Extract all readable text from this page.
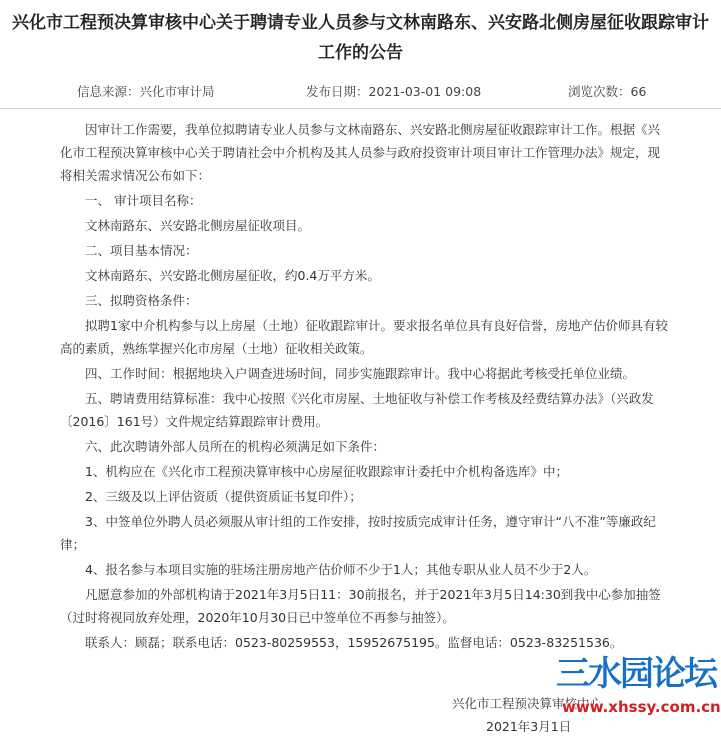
兴化市工程预决算审核中心关于聘请专业人员参与文林南路东、兴安路北侧房屋征收跟踪审计工作的公告
信息来源：兴化市审计局	发布日期：2021-03-01 09:08	浏览次数：66

因审计工作需要，我单位拟聘请专业人员参与文林南路东、兴安路北侧房屋征收跟踪审计工作。根据《兴化市工程预决算审核中心关于聘请社会中介机构及其人员参与政府投资审计项目审计工作管理办法》规定，现将相关需求情况公布如下：

一、 审计项目名称：

文林南路东、兴安路北侧房屋征收项目。

二、项目基本情况：

文林南路东、兴安路北侧房屋征收，约0.4万平方米。

三、拟聘资格条件：

拟聘1家中介机构参与以上房屋（土地）征收跟踪审计。要求报名单位具有良好信誉，房地产估价师具有较高的素质，熟练掌握兴化市房屋（土地）征收相关政策。

四、工作时间：根据地块入户调查进场时间，同步实施跟踪审计。我中心将据此考核受托单位业绩。

五、聘请费用结算标准：我中心按照《兴化市房屋、土地征收与补偿工作考核及经费结算办法》（兴政发〔2016〕161号）文件规定结算跟踪审计费用。

六、此次聘请外部人员所在的机构必须满足如下条件：

1、机构应在《兴化市工程预决算审核中心房屋征收跟踪审计委托中介机构备选库》中；

2、三级及以上评估资质（提供资质证书复印件）；

3、中签单位外聘人员必须服从审计组的工作安排，按时按质完成审计任务，遵守审计“八不准”等廉政纪律；

4、报名参与本项目实施的驻场注册房地产估价师不少于1人；其他专职从业人员不少于2人。

凡愿意参加的外部机构请于2021年3月5日11：30前报名，并于2021年3月5日14:30到我中心参加抽签（过时将视同放弃处理，2020年10月30日已中签单位不再参与抽签）。

联系人：顾磊；联系电话：0523-80259553，15952675195。监督电话：0523-83251536。

兴化市工程预决算审核中心
2021年3月1日
三水园论坛
www.xhssy.com.cn
